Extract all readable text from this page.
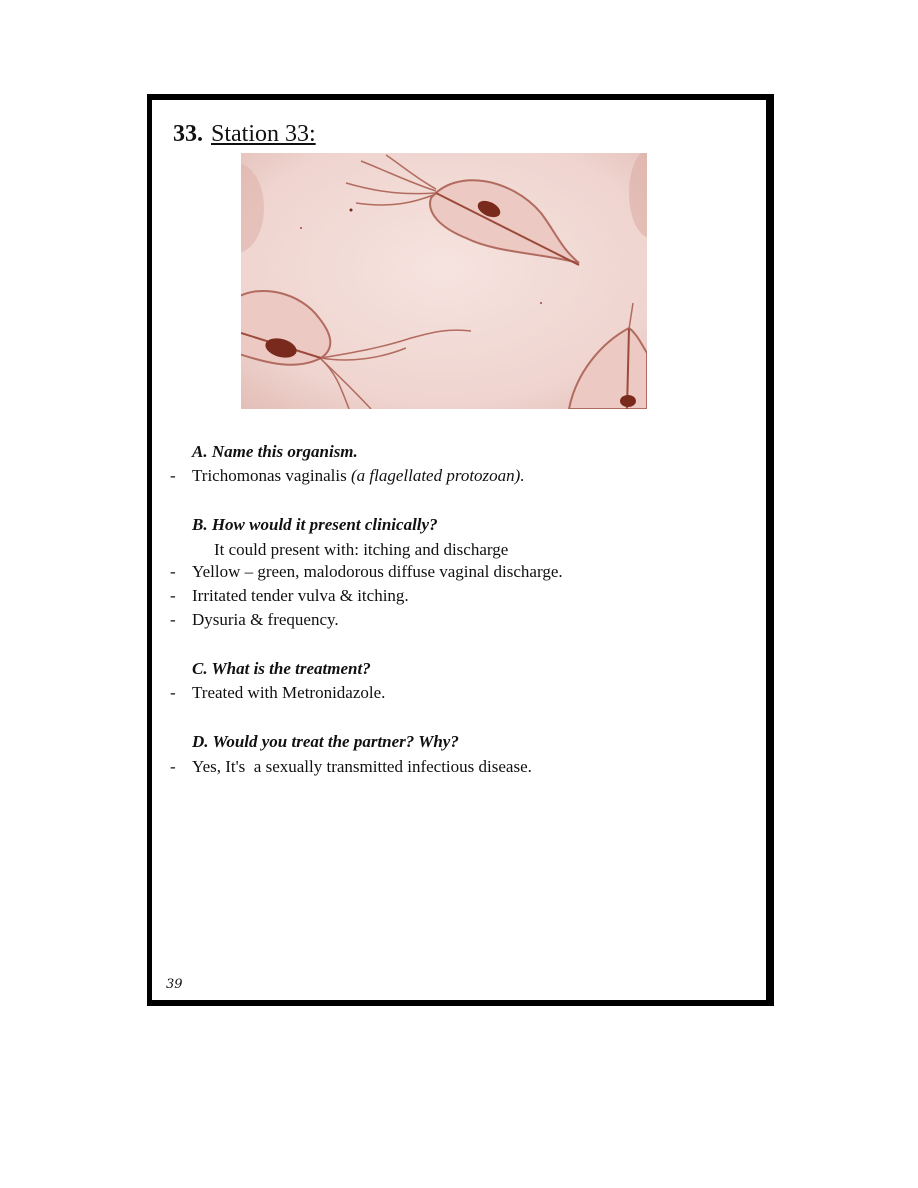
33. Station 33:
A. Name this organism.
- Trichomonas vaginalis (a flagellated protozoan).
B. How would it present clinically?
It could present with: itching and discharge
- Yellow – green, malodorous diffuse vaginal discharge.
- Irritated tender vulva & itching.
- Dysuria & frequency.
C. What is the treatment?
- Treated with Metronidazole.
D. Would you treat the partner? Why?
- Yes, It's  a sexually transmitted infectious disease.
39
